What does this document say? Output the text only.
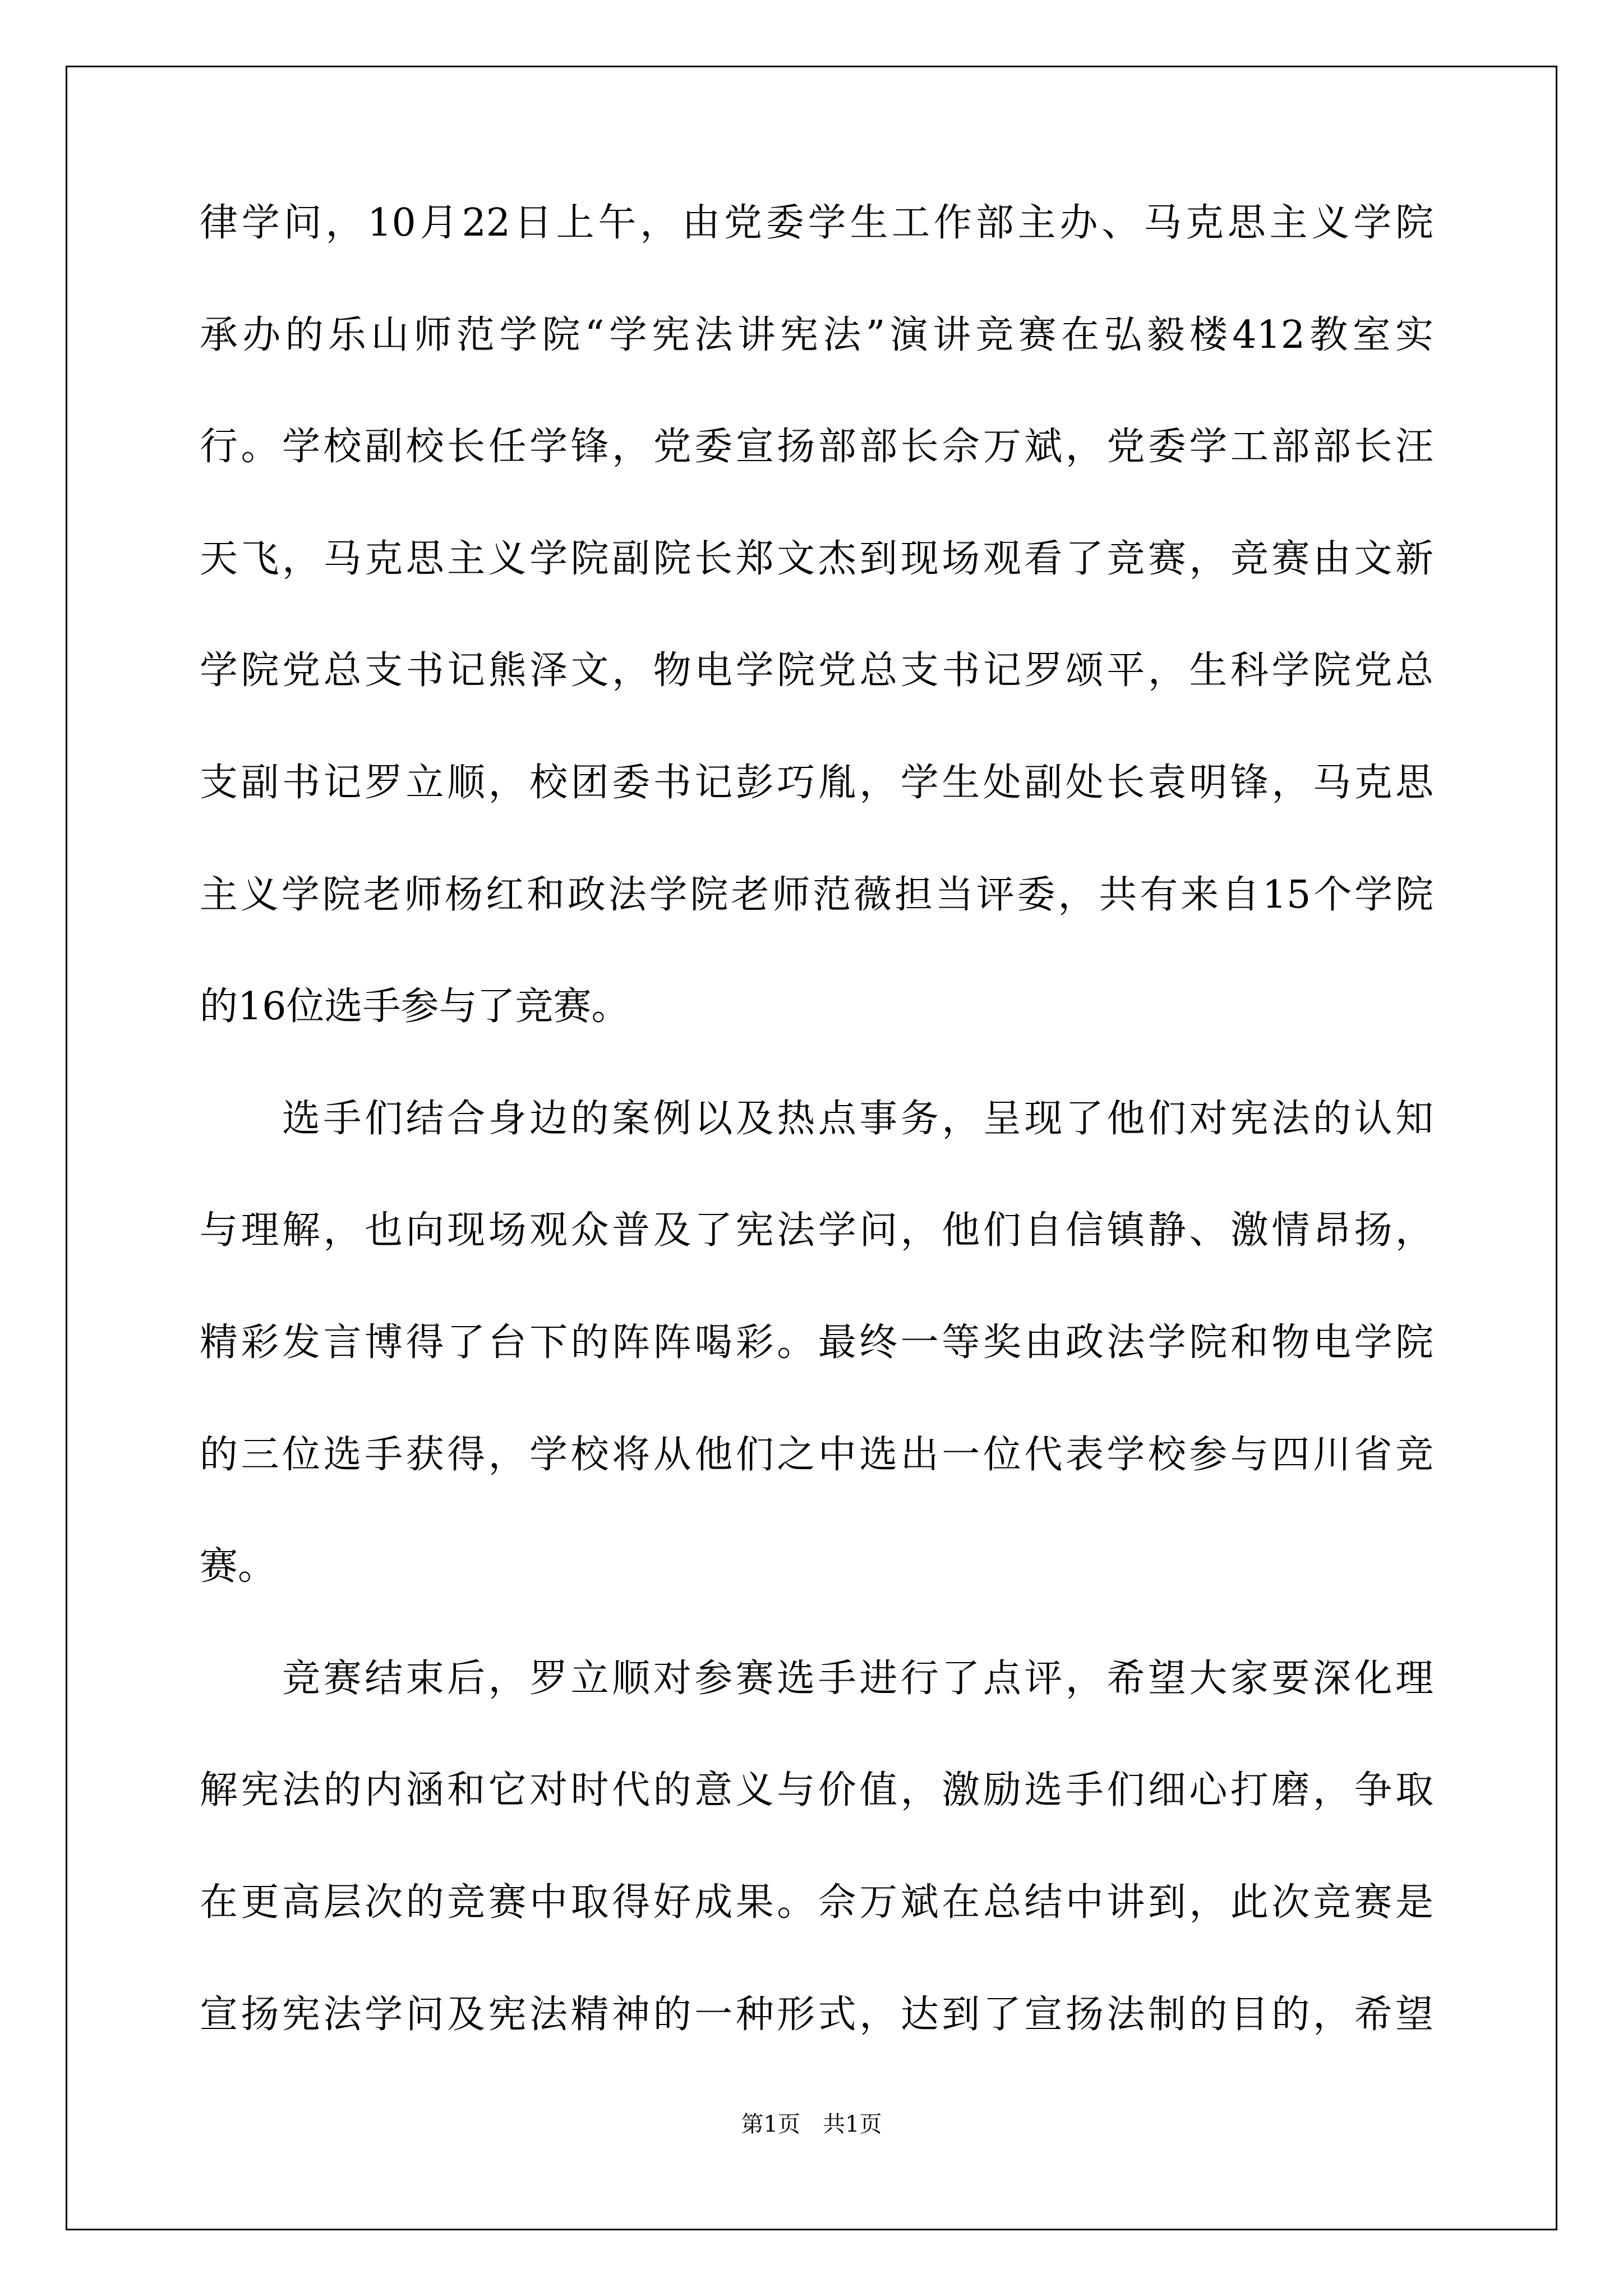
律学问，10月22日上午，由党委学生工作部主办、马克思主义学院

承办的乐山师范学院“学宪法讲宪法”演讲竞赛在弘毅楼412教室实

行。学校副校长任学锋，党委宣扬部部长佘万斌，党委学工部部长汪

天飞，马克思主义学院副院长郑文杰到现场观看了竞赛，竞赛由文新

学院党总支书记熊泽文，物电学院党总支书记罗颂平，生科学院党总

支副书记罗立顺，校团委书记彭巧胤，学生处副处长袁明锋，马克思

主义学院老师杨红和政法学院老师范薇担当评委，共有来自15个学院

的16位选手参与了竞赛。

　　选手们结合身边的案例以及热点事务，呈现了他们对宪法的认知

与理解，也向现场观众普及了宪法学问，他们自信镇静、激情昂扬，

精彩发言博得了台下的阵阵喝彩。最终一等奖由政法学院和物电学院

的三位选手获得，学校将从他们之中选出一位代表学校参与四川省竞

赛。

　　竞赛结束后，罗立顺对参赛选手进行了点评，希望大家要深化理

解宪法的内涵和它对时代的意义与价值，激励选手们细心打磨，争取

在更高层次的竞赛中取得好成果。佘万斌在总结中讲到，此次竞赛是

宣扬宪法学问及宪法精神的一种形式，达到了宣扬法制的目的，希望

第1页　共1页
